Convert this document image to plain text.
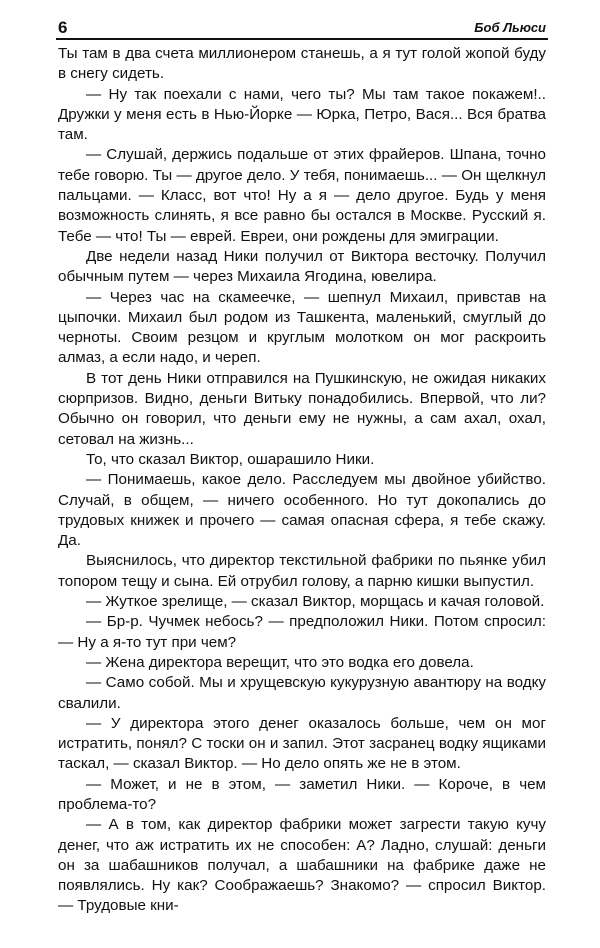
6	Боб Льюси

Ты там в два счета миллионером станешь, а я тут голой жопой буду в снегу сидеть.

— Ну так поехали с нами, чего ты? Мы там такое покажем!.. Дружки у меня есть в Нью-Йорке — Юрка, Петро, Вася... Вся братва там.

— Слушай, держись подальше от этих фрайеров. Шпана, точно тебе говорю. Ты — другое дело. У тебя, понимаешь... — Он щелкнул пальцами. — Класс, вот что! Ну а я — дело другое. Будь у меня возможность слинять, я все равно бы остался в Москве. Русский я. Тебе — что! Ты — еврей. Евреи, они рождены для эмиграции.

Две недели назад Ники получил от Виктора весточку. Получил обычным путем — через Михаила Ягодина, ювелира.

— Через час на скамеечке, — шепнул Михаил, привстав на цыпочки. Михаил был родом из Ташкента, маленький, смуглый до черноты. Своим резцом и круглым молотком он мог раскроить алмаз, а если надо, и череп.

В тот день Ники отправился на Пушкинскую, не ожидая никаких сюрпризов. Видно, деньги Витьку понадобились. Впервой, что ли? Обычно он говорил, что деньги ему не нужны, а сам ахал, охал, сетовал на жизнь...

То, что сказал Виктор, ошарашило Ники.

— Понимаешь, какое дело. Расследуем мы двойное убийство. Случай, в общем, — ничего особенного. Но тут докопались до трудовых книжек и прочего — самая опасная сфера, я тебе скажу. Да.

Выяснилось, что директор текстильной фабрики по пьянке убил топором тещу и сына. Ей отрубил голову, а парню кишки выпустил.

— Жуткое зрелище, — сказал Виктор, морщась и качая головой.

— Бр-р. Чучмек небось? — предположил Ники. Потом спросил: — Ну а я-то тут при чем?

— Жена директора верещит, что это водка его довела.

— Само собой. Мы и хрущевскую кукурузную авантюру на водку свалили.

— У директора этого денег оказалось больше, чем он мог истратить, понял? С тоски он и запил. Этот засранец водку ящиками таскал, — сказал Виктор. — Но дело опять же не в этом.

— Может, и не в этом, — заметил Ники. — Короче, в чем проблема-то?

— А в том, как директор фабрики может загрести такую кучу денег, что аж истратить их не способен: А? Ладно, слушай: деньги он за шабашников получал, а шабашники на фабрике даже не появлялись. Ну как? Соображаешь? Знакомо? — спросил Виктор. — Трудовые кни-
